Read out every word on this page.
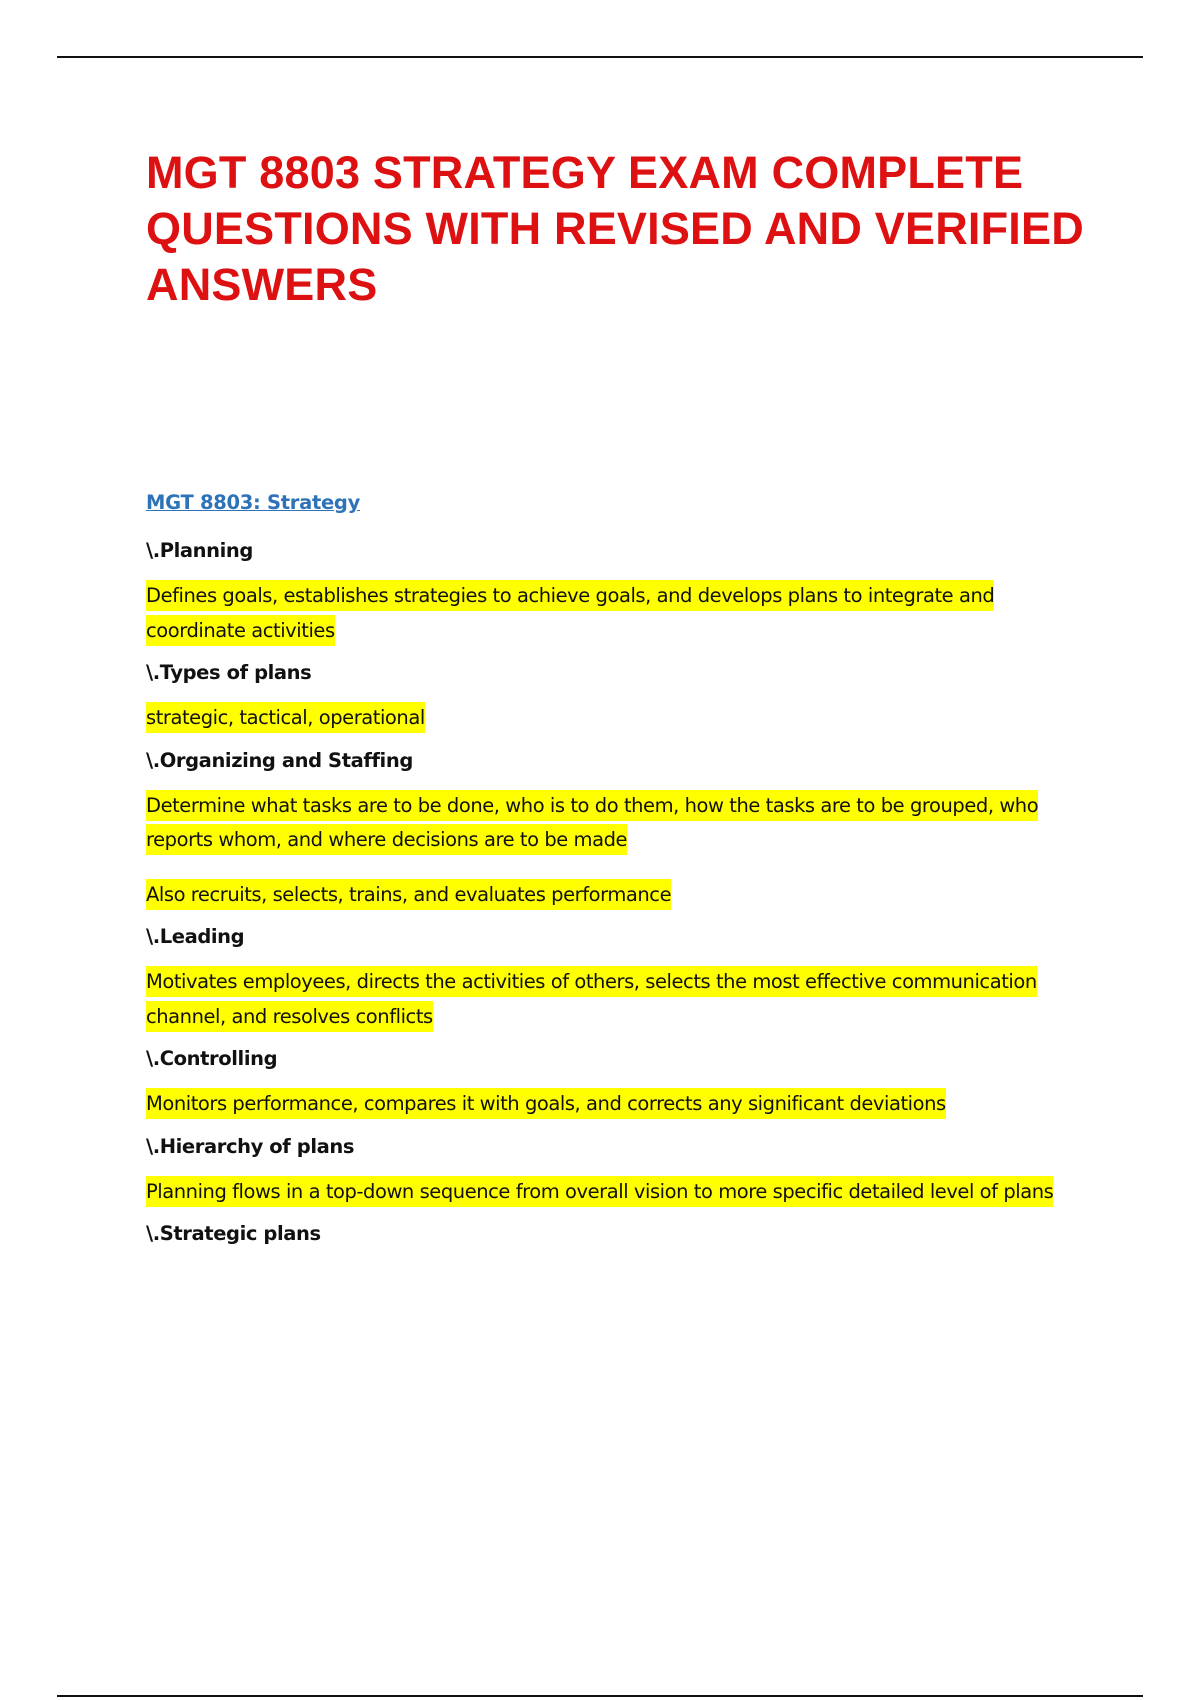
MGT 8803 STRATEGY EXAM COMPLETE QUESTIONS WITH REVISED AND VERIFIED ANSWERS
MGT 8803: Strategy

\.Planning

Defines goals, establishes strategies to achieve goals, and develops plans to integrate and coordinate activities

\.Types of plans

strategic, tactical, operational

\.Organizing and Staffing

Determine what tasks are to be done, who is to do them, how the tasks are to be grouped, who reports whom, and where decisions are to be made

Also recruits, selects, trains, and evaluates performance

\.Leading

Motivates employees, directs the activities of others, selects the most effective communication channel, and resolves conflicts

\.Controlling

Monitors performance, compares it with goals, and corrects any significant deviations

\.Hierarchy of plans

Planning flows in a top-down sequence from overall vision to more specific detailed level of plans

\.Strategic plans
